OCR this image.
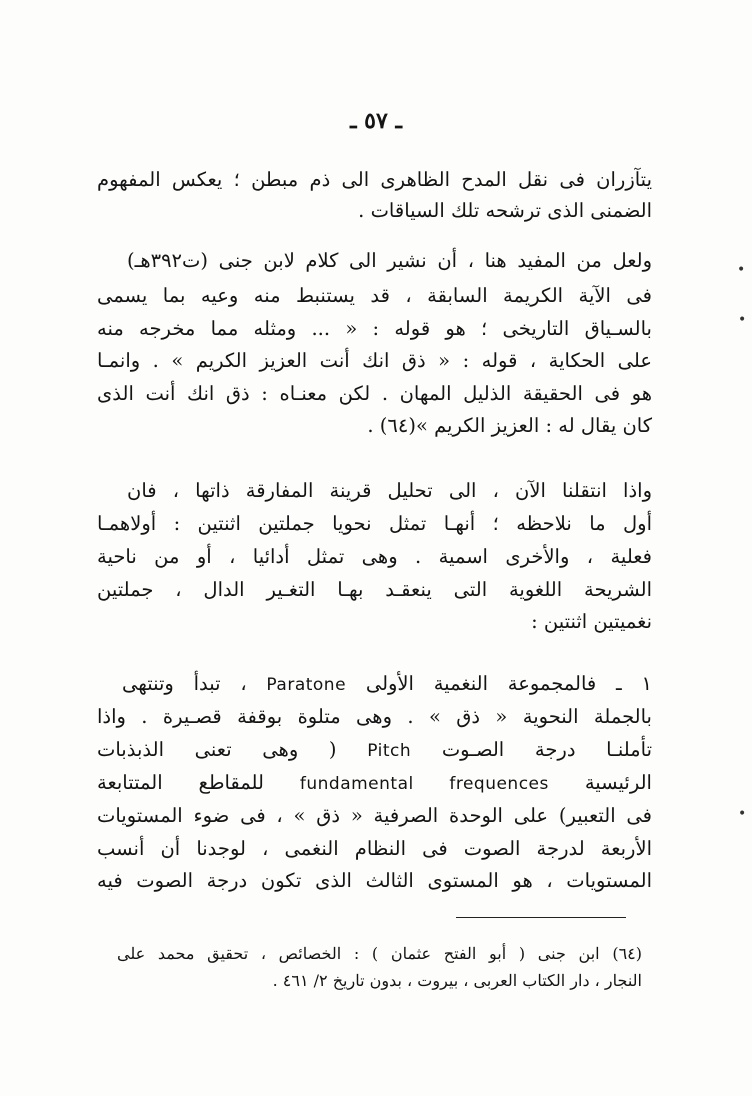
ـ ٥٧ ـ
يتآزران فى نقل المدح الظاهرى الى ذم مبطن ؛ يعكس المفهوم
الضمنى الذى ترشحه تلك السياقات .
ولعل من المفيد هنا ، أن نشير الى كلام لابن جنى (ت٣٩٢هـ)
فى الآية الكريمة السابقة ، قد يستنبط منه وعيه بما يسمى
بالسـياق التاريخى ؛ هو قوله : « ... ومثله مما مخرجه منه
على الحكاية ، قوله : « ذق انك أنت العزيز الكريم » . وانمـا
هو فى الحقيقة الذليل المهان . لكن معنـاه : ذق انك أنت الذى
كان يقال له : العزيز الكريم »(٦٤) .
واذا انتقلنا الآن ، الى تحليل قرينة المفارقة ذاتها ، فان
أول ما نلاحظه ؛ أنهـا تمثل نحويا جملتين اثنتين : أولاهمـا
فعلية ، والأخرى اسمية . وهى تمثل أدائيا ، أو من ناحية
الشريحة اللغوية التى ينعقـد بهـا التغـير الدال ، جملتين
نغميتين اثنتين :
١ ـ فالمجموعة النغمية الأولى Paratone ، تبدأ وتنتهى
بالجملة النحوية « ذق » . وهى متلوة بوقفة قصـيرة . واذا
تأملنـا درجة الصـوت Pitch ( وهى تعنى الذبذبات
الرئيسية fundamental frequences للمقاطع المتتابعة
فى التعبير) على الوحدة الصرفية « ذق » ، فى ضوء المستويات
الأربعة لدرجة الصوت فى النظام النغمى ، لوجدنا أن أنسب
المستويات ، هو المستوى الثالث الذى تكون درجة الصوت فيه
(٦٤) ابن جنى ( أبو الفتح عثمان ) : الخصائص ، تحقيق محمد على
النجار ، دار الكتاب العربى ، بيروت ، بدون تاريخ ٢/ ٤٦١ .
•
•
•
